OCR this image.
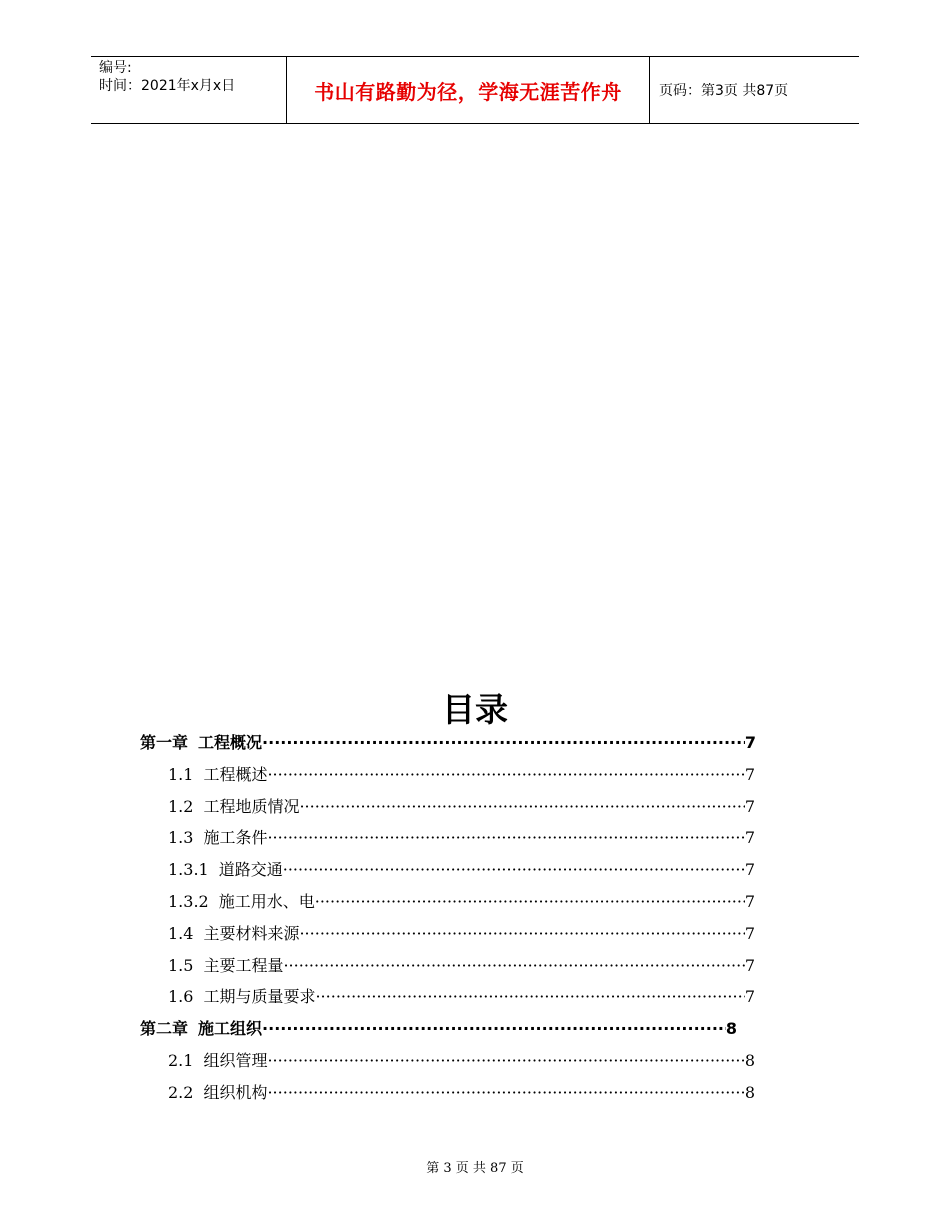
编号:
时间：2021年x月x日	书山有路勤为径，学海无涯苦作舟	页码：第3页 共87页
目录
第一章 工程概况 ·····	7
1.1 工程概述 ·····	7
1.2 工程地质情况 ·····	7
1.3 施工条件 ·····	7
1.3.1 道路交通 ·····	7
1.3.2 施工用水、电 ·····	7
1.4 主要材料来源 ·····	7
1.5 主要工程量 ·····	7
1.6 工期与质量要求 ·····	7
第二章 施工组织 ·····	8
2.1 组织管理 ·····	8
2.2 组织机构 ·····	8
第 3 页 共 87 页
